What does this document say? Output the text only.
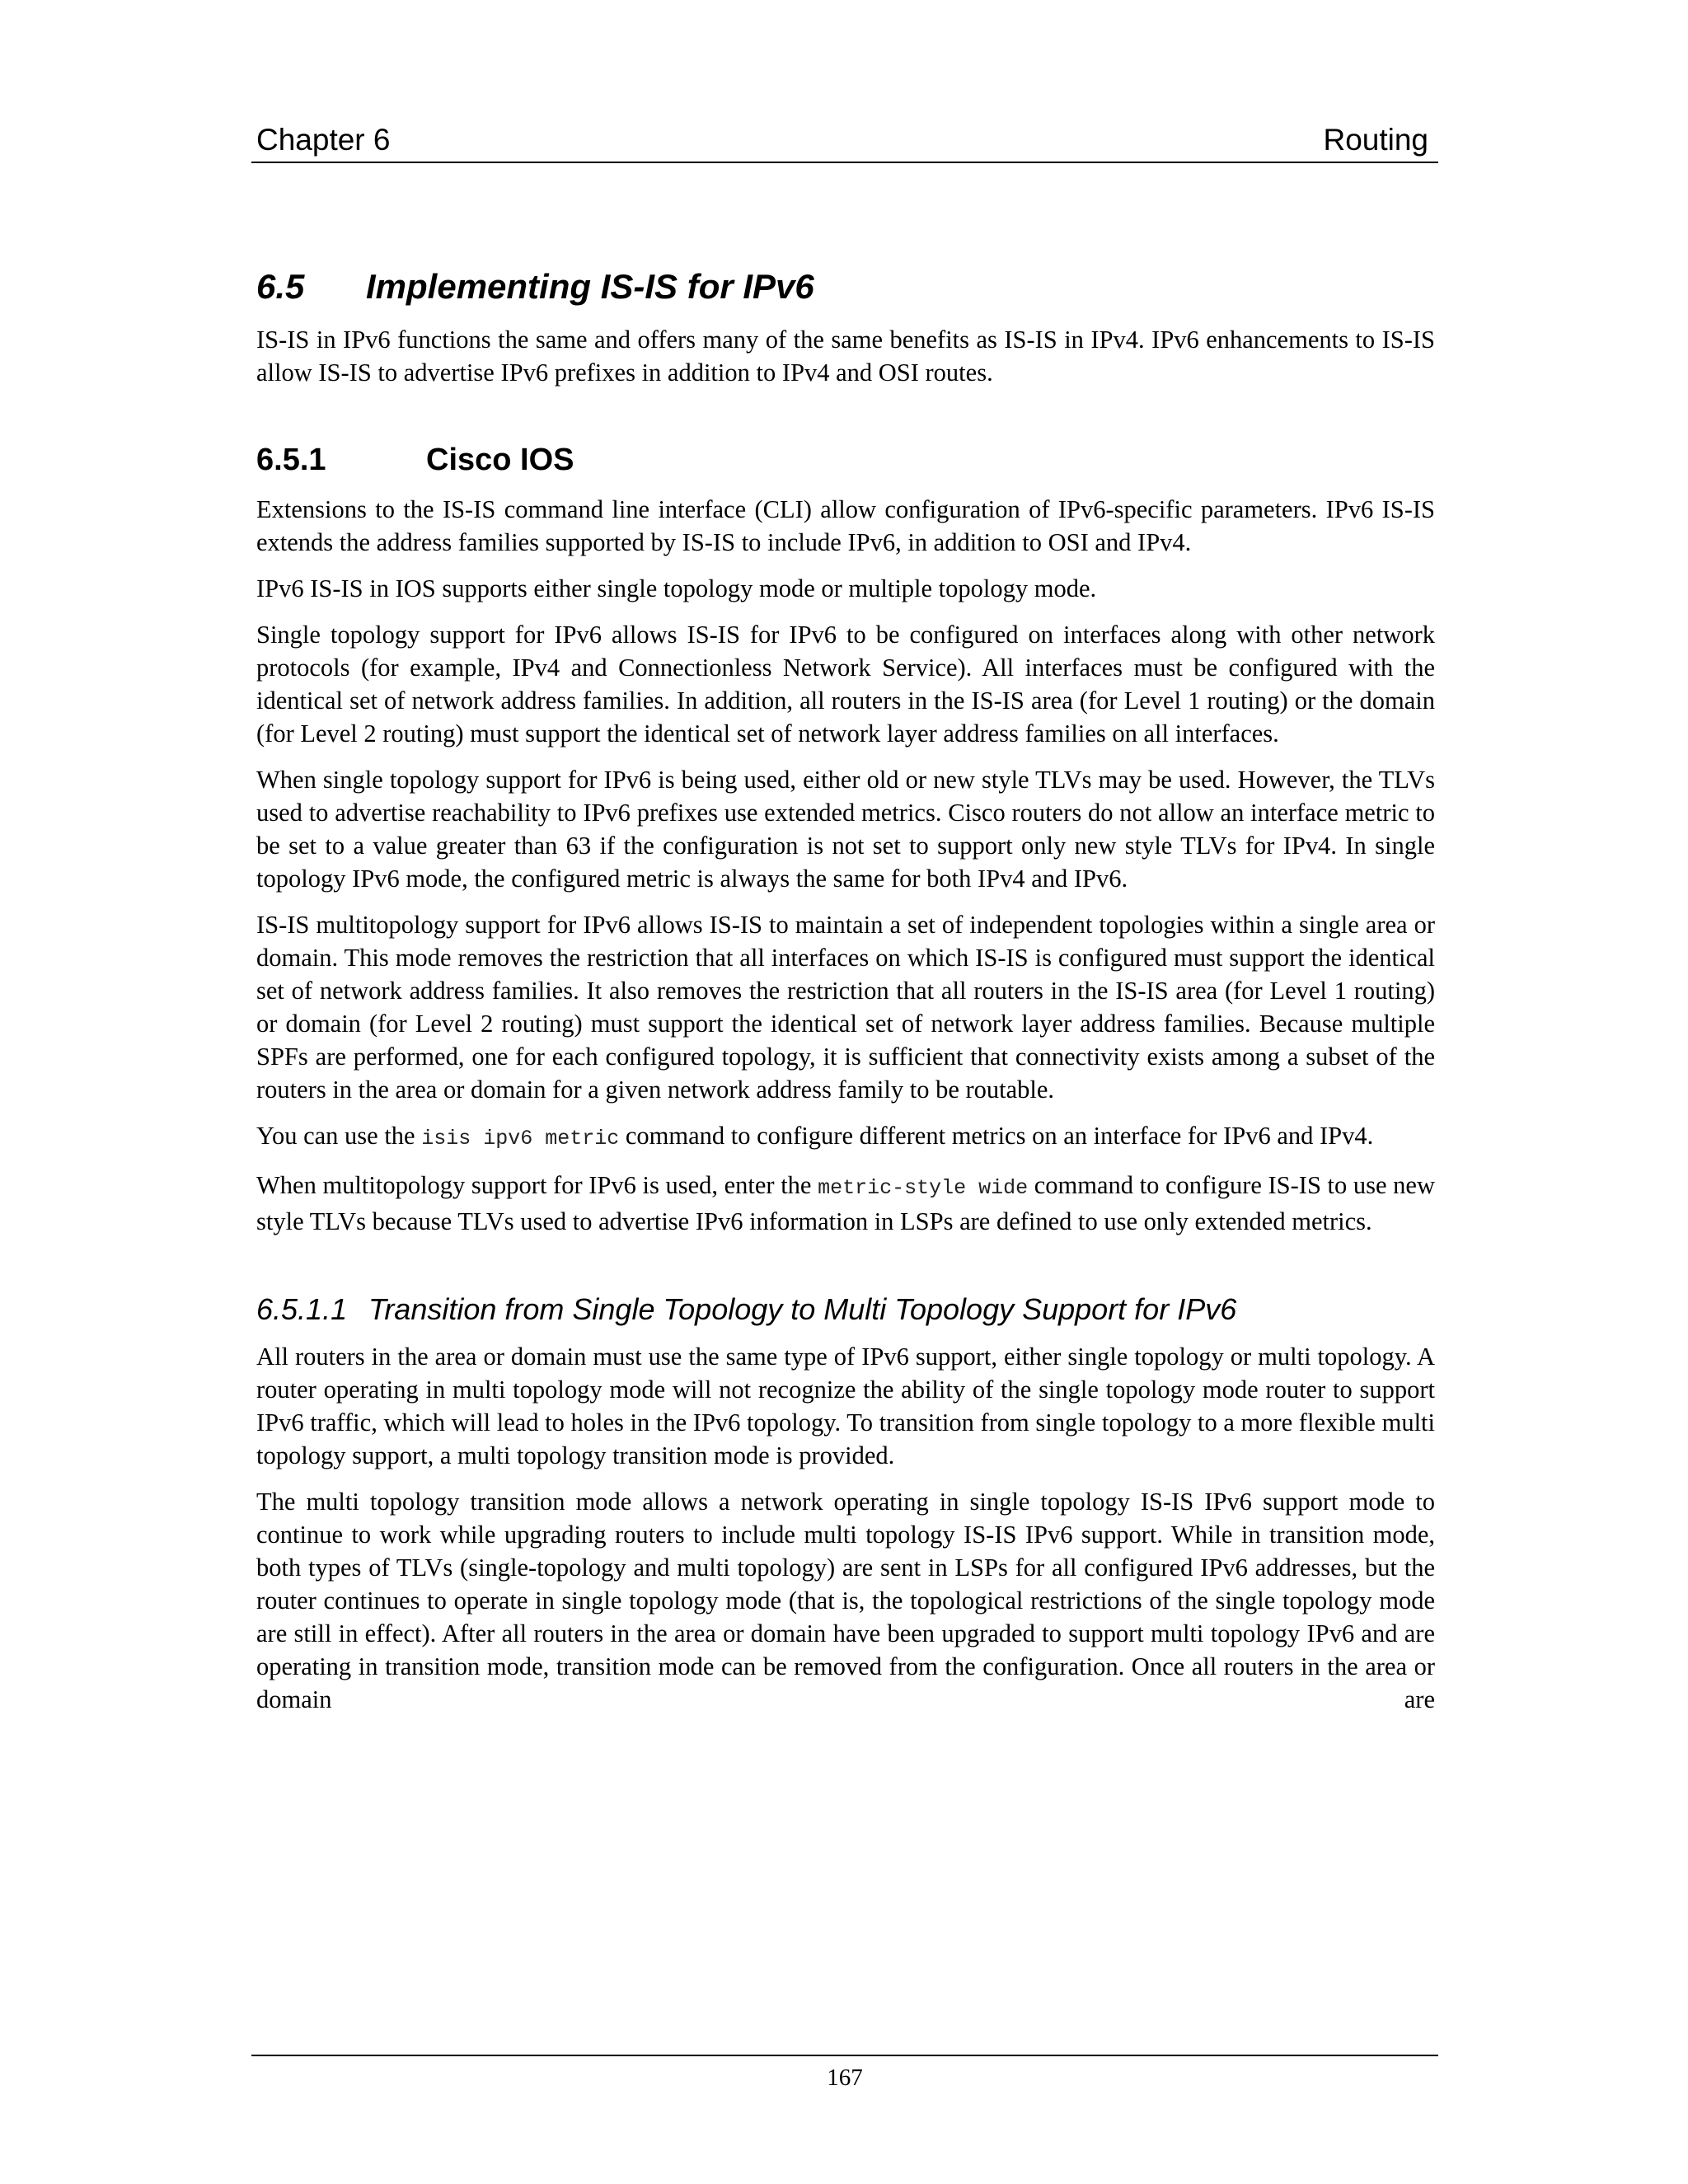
Chapter 6	Routing
6.5 Implementing IS-IS for IPv6

IS-IS in IPv6 functions the same and offers many of the same benefits as IS-IS in IPv4. IPv6 enhancements to IS-IS allow IS-IS to advertise IPv6 prefixes in addition to IPv4 and OSI routes.

6.5.1	Cisco IOS

Extensions to the IS-IS command line interface (CLI) allow configuration of IPv6-specific parameters. IPv6 IS-IS extends the address families supported by IS-IS to include IPv6, in addition to OSI and IPv4.

IPv6 IS-IS in IOS supports either single topology mode or multiple topology mode.

Single topology support for IPv6 allows IS-IS for IPv6 to be configured on interfaces along with other network protocols (for example, IPv4 and Connectionless Network Service). All interfaces must be configured with the identical set of network address families. In addition, all routers in the IS-IS area (for Level 1 routing) or the domain (for Level 2 routing) must support the identical set of network layer address families on all interfaces.

When single topology support for IPv6 is being used, either old or new style TLVs may be used. However, the TLVs used to advertise reachability to IPv6 prefixes use extended metrics. Cisco routers do not allow an interface metric to be set to a value greater than 63 if the configuration is not set to support only new style TLVs for IPv4. In single topology IPv6 mode, the configured metric is always the same for both IPv4 and IPv6.

IS-IS multitopology support for IPv6 allows IS-IS to maintain a set of independent topologies within a single area or domain. This mode removes the restriction that all interfaces on which IS-IS is configured must support the identical set of network address families. It also removes the restriction that all routers in the IS-IS area (for Level 1 routing) or domain (for Level 2 routing) must support the identical set of network layer address families. Because multiple SPFs are performed, one for each configured topology, it is sufficient that connectivity exists among a subset of the routers in the area or domain for a given network address family to be routable.

You can use the isis ipv6 metric command to configure different metrics on an interface for IPv6 and IPv4.

When multitopology support for IPv6 is used, enter the metric-style wide command to configure IS-IS to use new style TLVs because TLVs used to advertise IPv6 information in LSPs are defined to use only extended metrics.

6.5.1.1 Transition from Single Topology to Multi Topology Support for IPv6

All routers in the area or domain must use the same type of IPv6 support, either single topology or multi topology. A router operating in multi topology mode will not recognize the ability of the single topology mode router to support IPv6 traffic, which will lead to holes in the IPv6 topology. To transition from single topology to a more flexible multi topology support, a multi topology transition mode is provided.

The multi topology transition mode allows a network operating in single topology IS-IS IPv6 support mode to continue to work while upgrading routers to include multi topology IS-IS IPv6 support. While in transition mode, both types of TLVs (single-topology and multi topology) are sent in LSPs for all configured IPv6 addresses, but the router continues to operate in single topology mode (that is, the topological restrictions of the single topology mode are still in effect). After all routers in the area or domain have been upgraded to support multi topology IPv6 and are operating in transition mode, transition mode can be removed from the configuration. Once all routers in the area or domain are

167
